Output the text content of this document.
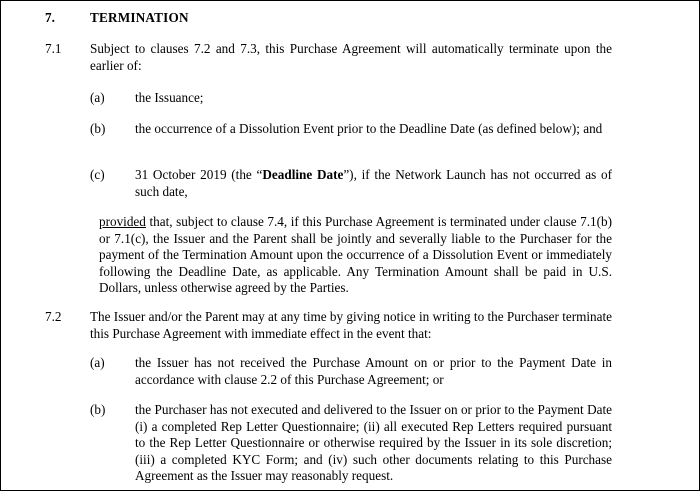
7.	TERMINATION
7.1 Subject to clauses 7.2 and 7.3, this Purchase Agreement will automatically terminate upon the earlier of:
(a) the Issuance;
(b) the occurrence of a Dissolution Event prior to the Deadline Date (as defined below); and
(c) 31 October 2019 (the “Deadline Date”), if the Network Launch has not occurred as of such date,
provided that, subject to clause 7.4, if this Purchase Agreement is terminated under clause 7.1(b) or 7.1(c), the Issuer and the Parent shall be jointly and severally liable to the Purchaser for the payment of the Termination Amount upon the occurrence of a Dissolution Event or immediately following the Deadline Date, as applicable. Any Termination Amount shall be paid in U.S. Dollars, unless otherwise agreed by the Parties.
7.2 The Issuer and/or the Parent may at any time by giving notice in writing to the Purchaser terminate this Purchase Agreement with immediate effect in the event that:
(a) the Issuer has not received the Purchase Amount on or prior to the Payment Date in accordance with clause 2.2 of this Purchase Agreement; or
(b) the Purchaser has not executed and delivered to the Issuer on or prior to the Payment Date (i) a completed Rep Letter Questionnaire; (ii) all executed Rep Letters required pursuant to the Rep Letter Questionnaire or otherwise required by the Issuer in its sole discretion; (iii) a completed KYC Form; and (iv) such other documents relating to this Purchase Agreement as the Issuer may reasonably request.
